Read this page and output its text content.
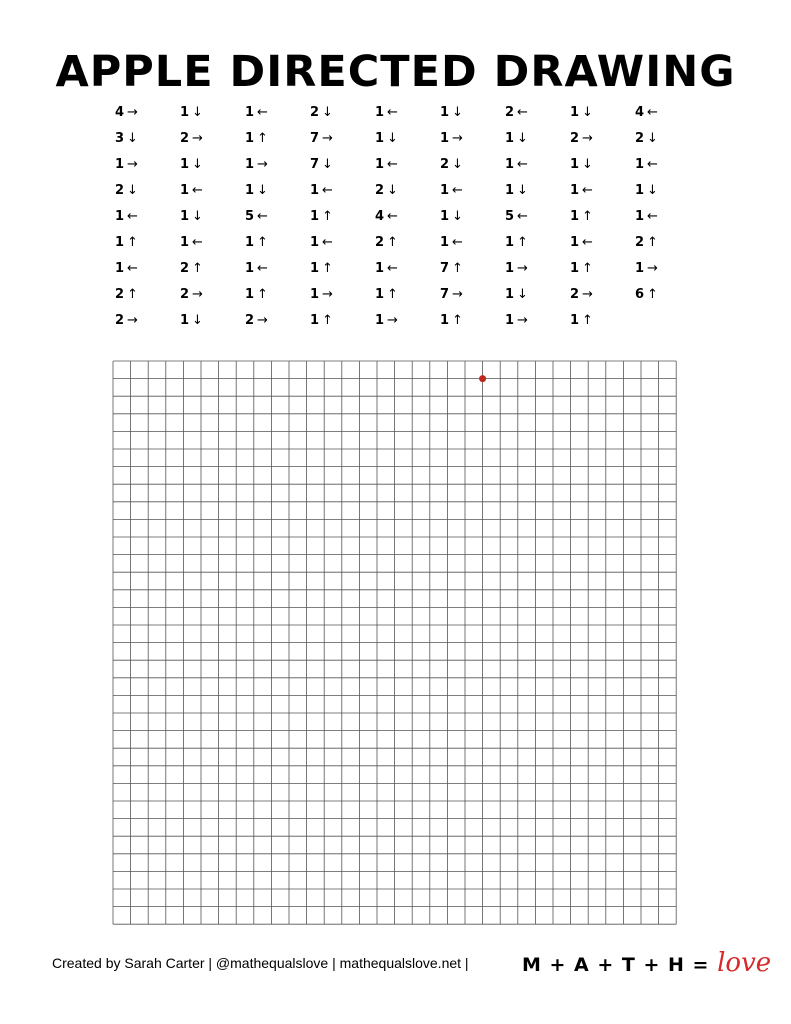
APPLE DIRECTED DRAWING
4 →	1 ↓	1 ←	2 ↓	1 ←	1 ↓	2 ←	1 ↓	4 ←
3 ↓	2 →	1 ↑	7 →	1 ↓	1 →	1 ↓	2 →	2 ↓
1 →	1 ↓	1 →	7 ↓	1 ←	2 ↓	1 ←	1 ↓	1 ←
2 ↓	1 ←	1 ↓	1 ←	2 ↓	1 ←	1 ↓	1 ←	1 ↓
1 ←	1 ↓	5 ←	1 ↑	4 ←	1 ↓	5 ←	1 ↑	1 ←
1 ↑	1 ←	1 ↑	1 ←	2 ↑	1 ←	1 ↑	1 ←	2 ↑
1 ←	2 ↑	1 ←	1 ↑	1 ←	7 ↑	1 →	1 ↑	1 →
2 ↑	2 →	1 ↑	1 →	1 ↑	7 →	1 ↓	2 →	6 ↑
2 →	1 ↓	2 →	1 ↑	1 →	1 ↑	1 →	1 ↑
Created by Sarah Carter | @mathequalslove | mathequalslove.net |	M + A + T + H = love
